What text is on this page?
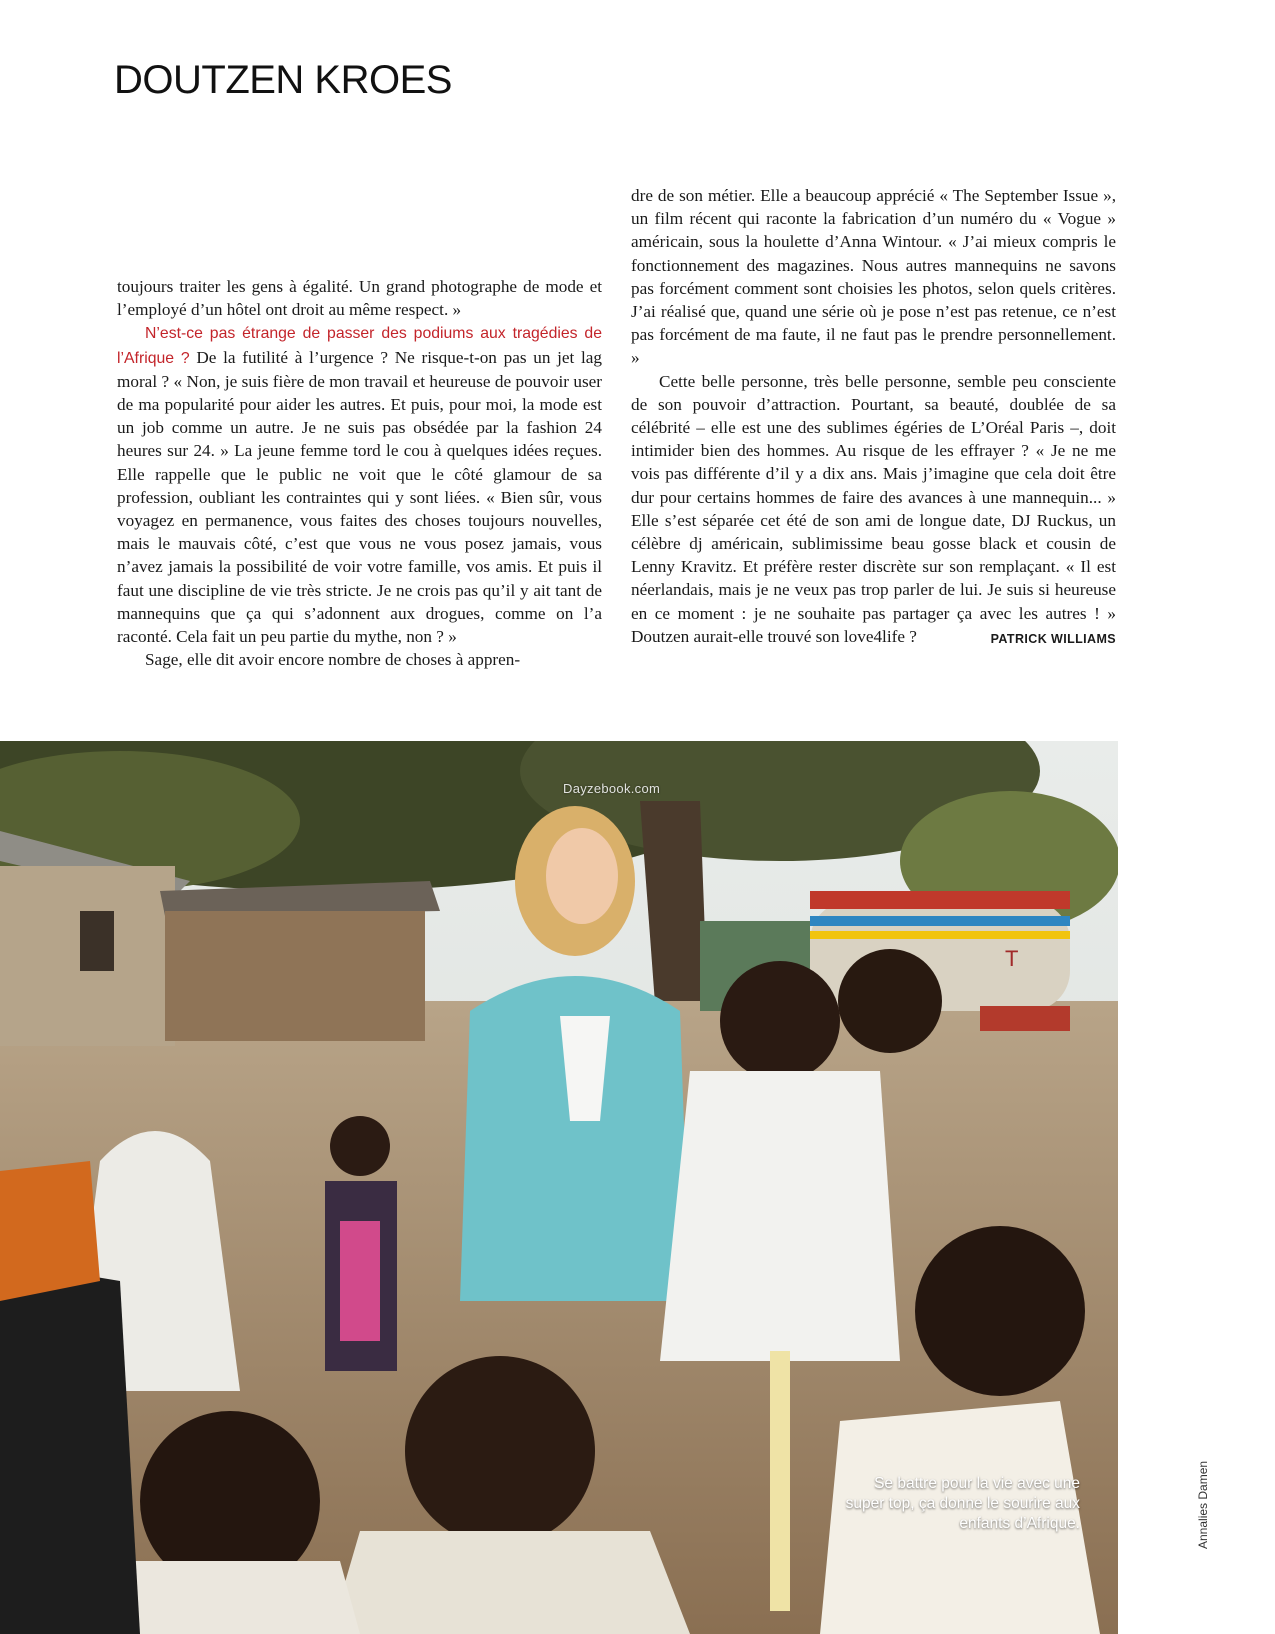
DOUTZEN KROES

toujours traiter les gens à égalité. Un grand photographe de mode et l’employé d’un hôtel ont droit au même respect. »

N’est-ce pas étrange de passer des podiums aux tragédies de l’Afrique ? De la futilité à l’urgence ? Ne risque-t-on pas un jet lag moral ? « Non, je suis fière de mon travail et heureuse de pouvoir user de ma popularité pour aider les autres. Et puis, pour moi, la mode est un job comme un autre. Je ne suis pas obsédée par la fashion 24 heures sur 24. » La jeune femme tord le cou à quelques idées reçues. Elle rappelle que le public ne voit que le côté glamour de sa profession, oubliant les contraintes qui y sont liées. « Bien sûr, vous voyagez en permanence, vous faites des choses toujours nouvelles, mais le mauvais côté, c’est que vous ne vous posez jamais, vous n’avez jamais la possibilité de voir votre famille, vos amis. Et puis il faut une discipline de vie très stricte. Je ne crois pas qu’il y ait tant de mannequins que ça qui s’adonnent aux drogues, comme on l’a raconté. Cela fait un peu partie du mythe, non ? »

Sage, elle dit avoir encore nombre de choses à appren-

dre de son métier. Elle a beaucoup apprécié « The September Issue », un film récent qui raconte la fabrication d’un numéro du « Vogue » américain, sous la houlette d’Anna Wintour. « J’ai mieux compris le fonctionnement des magazines. Nous autres mannequins ne savons pas forcément comment sont choisies les photos, selon quels critères. J’ai réalisé que, quand une série où je pose n’est pas retenue, ce n’est pas forcément de ma faute, il ne faut pas le prendre personnellement. »

Cette belle personne, très belle personne, semble peu consciente de son pouvoir d’attraction. Pourtant, sa beauté, doublée de sa célébrité – elle est une des sublimes égéries de L’Oréal Paris –, doit intimider bien des hommes. Au risque de les effrayer ? « Je ne me vois pas différente d’il y a dix ans. Mais j’imagine que cela doit être dur pour certains hommes de faire des avances à une mannequin... » Elle s’est séparée cet été de son ami de longue date, DJ Ruckus, un célèbre dj américain, sublimissime beau gosse black et cousin de Lenny Kravitz. Et préfère rester discrète sur son remplaçant. « Il est néerlandais, mais je ne veux pas trop parler de lui. Je suis si heureuse en ce moment : je ne souhaite pas partager ça avec les autres ! » Doutzen aurait-elle trouvé son love4life ?	PATRICK WILLIAMS

T
Dayzebook.com
Se battre pour la vie avec une super top, ça donne le sourire aux enfants d’Afrique.	Annalies Damen
